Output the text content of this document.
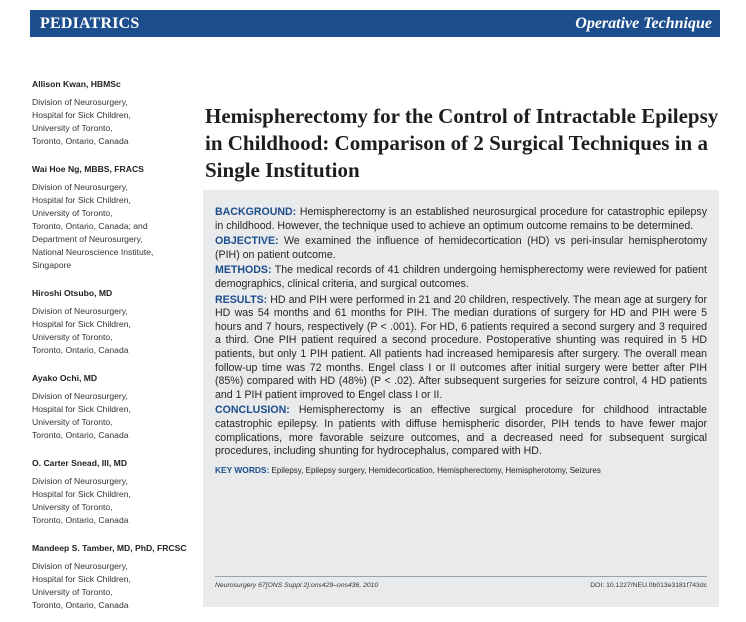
PEDIATRICS	Operative Technique
Allison Kwan, HBMSc
Division of Neurosurgery,
Hospital for Sick Children,
University of Toronto,
Toronto, Ontario, Canada
Wai Hoe Ng, MBBS, FRACS
Division of Neurosurgery,
Hospital for Sick Children,
University of Toronto,
Toronto, Ontario, Canada; and
Department of Neurosurgery,
National Neuroscience Institute,
Singapore
Hiroshi Otsubo, MD
Division of Neurosurgery,
Hospital for Sick Children,
University of Toronto,
Toronto, Ontario, Canada
Ayako Ochi, MD
Division of Neurosurgery,
Hospital for Sick Children,
University of Toronto,
Toronto, Ontario, Canada
O. Carter Snead, III, MD
Division of Neurosurgery,
Hospital for Sick Children,
University of Toronto,
Toronto, Ontario, Canada
Mandeep S. Tamber, MD, PhD, FRCSC
Division of Neurosurgery,
Hospital for Sick Children,
University of Toronto,
Toronto, Ontario, Canada
Hemispherectomy for the Control of Intractable Epilepsy in Childhood: Comparison of 2 Surgical Techniques in a Single Institution

BACKGROUND: Hemispherectomy is an established neurosurgical procedure for catastrophic epilepsy in childhood. However, the technique used to achieve an optimum outcome remains to be determined.

OBJECTIVE: We examined the influence of hemidecortication (HD) vs peri-insular hemispherotomy (PIH) on patient outcome.

METHODS: The medical records of 41 children undergoing hemispherectomy were reviewed for patient demographics, clinical criteria, and surgical outcomes.

RESULTS: HD and PIH were performed in 21 and 20 children, respectively. The mean age at surgery for HD was 54 months and 61 months for PIH. The median durations of surgery for HD and PIH were 5 hours and 7 hours, respectively (P < .001). For HD, 6 patients required a second surgery and 3 required a third. One PIH patient required a second procedure. Postoperative shunting was required in 5 HD patients, but only 1 PIH patient. All patients had increased hemiparesis after surgery. The overall mean follow-up time was 72 months. Engel class I or II outcomes after initial surgery were better after PIH (85%) compared with HD (48%) (P < .02). After subsequent surgeries for seizure control, 4 HD patients and 1 PIH patient improved to Engel class I or II.

CONCLUSION: Hemispherectomy is an effective surgical procedure for childhood intractable catastrophic epilepsy. In patients with diffuse hemispheric disorder, PIH tends to have fewer major complications, more favorable seizure outcomes, and a decreased need for subsequent surgical procedures, including shunting for hydrocephalus, compared with HD.

KEY WORDS: Epilepsy, Epilepsy surgery, Hemidecortication, Hemispherectomy, Hemispherotomy, Seizures

Neurosurgery 67[ONS Suppl 2]:ons429–ons436, 2010	DOI: 10.1227/NEU.0b013e3181f743dc
